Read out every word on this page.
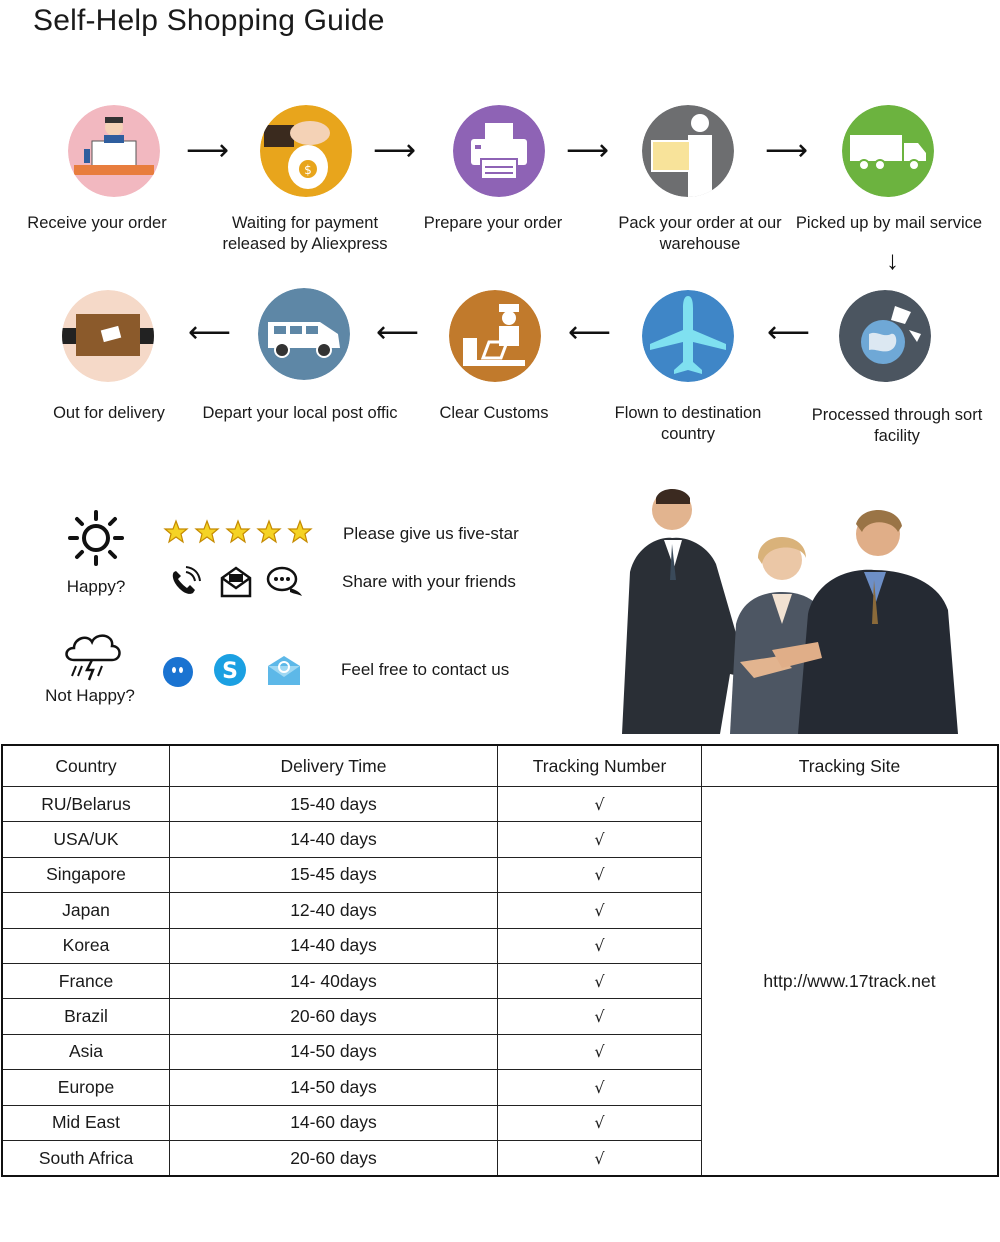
Self-Help Shopping Guide
Receive your order
⟶
$
Waiting for payment released by Aliexpress
⟶
Prepare your order
⟶
Pack your order at our warehouse
⟶
Picked up by mail service
↓
Out for delivery
⟵
Depart your local post offic
⟵
Clear Customs
⟵
Flown to destination country
⟵
Processed through sort facility
Happy?
Please give us five-star
Share with your friends
Not Happy?
S	Feel free to contact us
Country	Delivery Time	Tracking Number	Tracking Site
RU/Belarus	15-40 days	√	http://www.17track.net
USA/UK	14-40 days	√	
Singapore	15-45 days	√	
Japan	12-40 days	√	
Korea	14-40 days	√	
France	14- 40days	√	
Brazil	20-60 days	√	
Asia	14-50 days	√	
Europe	14-50 days	√	
Mid East	14-60 days	√	
South Africa	20-60 days	√	
